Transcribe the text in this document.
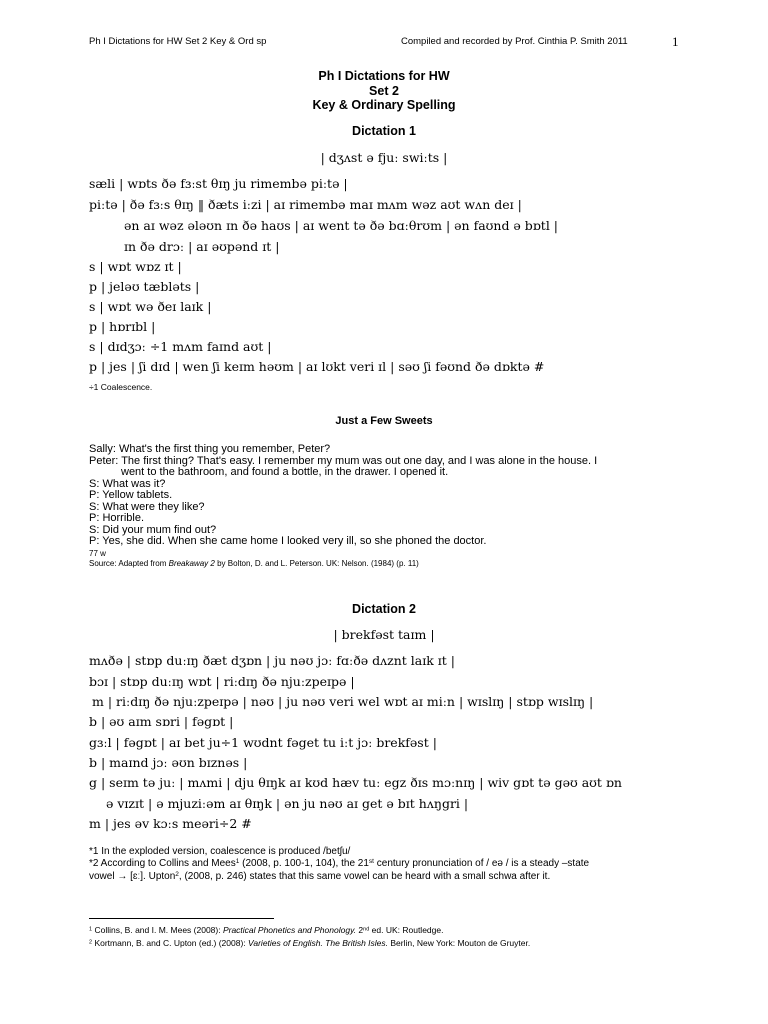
Ph I Dictations for HW Set 2 Key & Ord sp	Compiled and recorded by Prof. Cinthia P. Smith 2011	1
Ph I Dictations for HW
Set 2
Key & Ordinary Spelling
Dictation 1
| dʒʌst ə fjuː swiːts |
sæli | wɒts ðə fɜːst θɪŋ ju rimembə piːtə |
piːtə | ðə fɜːs θɪŋ ‖ ðæts iːzi | aɪ rimembə maɪ mʌm wəz aʊt wʌn deɪ |
ən aɪ wəz ələʊn ɪn ðə haʊs | aɪ went tə ðə bɑːθrʊm | ən faʊnd ə bɒtl |
ɪn ðə drɔː | aɪ əʊpənd ɪt |
s | wɒt wɒz ɪt |
p | jeləʊ tæbləts |
s | wɒt wə ðeɪ laɪk |
p | hɒrɪbl |
s | dɪdʒɔː ÷1 mʌm faɪnd aʊt |
p | jes | ʃi dɪd | wen ʃi keɪm həʊm | aɪ lʊkt veri ɪl | səʊ ʃi fəʊnd ðə dɒktə #
÷1 Coalescence.
Just a Few Sweets
Sally: What's the first thing you remember, Peter?
Peter: The first thing? That's easy. I remember my mum was out one day, and I was alone in the house. I
went to the bathroom, and found a bottle, in the drawer. I opened it.
S: What was it?
P: Yellow tablets.
S: What were they like?
P: Horrible.
S: Did your mum find out?
P: Yes, she did. When she came home I looked very ill, so she phoned the doctor.
77 w
Source: Adapted from Breakaway 2 by Bolton, D. and L. Peterson. UK: Nelson. (1984) (p. 11)
Dictation 2
| brekfəst taɪm |
mʌðə | stɒp duːɪŋ ðæt dʒɒn | ju nəʊ jɔː fɑːðə dʌznt laɪk ɪt |
bɔɪ | stɒp duːɪŋ wɒt | riːdɪŋ ðə njuːzpeɪpə |
m | riːdɪŋ ðə njuːzpeɪpə | nəʊ | ju nəʊ veri wel wɒt aɪ miːn | wɪslɪŋ | stɒp wɪslɪŋ |
b | əʊ aɪm sɒri | fəgɒt |
gɜːl | fəgɒt | aɪ bet ju÷1 wʊdnt fəget tu iːt jɔː brekfəst |
b | maɪnd jɔː əʊn bɪznəs |
g | seɪm tə juː | mʌmi | dju θɪŋk aɪ kʊd hæv tuː egz ðɪs mɔːnɪŋ | wiv gɒt tə gəʊ aʊt ɒn
ə vɪzɪt | ə mjuziːəm aɪ θɪŋk | ən ju nəʊ aɪ get ə bɪt hʌŋgri |
m | jes əv kɔːs meəri÷2 #
*1 In the exploded version, coalescence is produced /betʃu/
*2 According to Collins and Mees$^1$ (2008, p. 100-1, 104), the 21st century pronunciation of / eə / is a steady –state
vowel → [ɛː]. Upton$^2$, (2008, p. 246) states that this same vowel can be heard with a small schwa after it.
$^1$ Collins, B. and I. M. Mees (2008): Practical Phonetics and Phonology. 2nd ed. UK: Routledge.
$^2$ Kortmann, B. and C. Upton (ed.) (2008): Varieties of English. The British Isles. Berlin, New York: Mouton de Gruyter.
